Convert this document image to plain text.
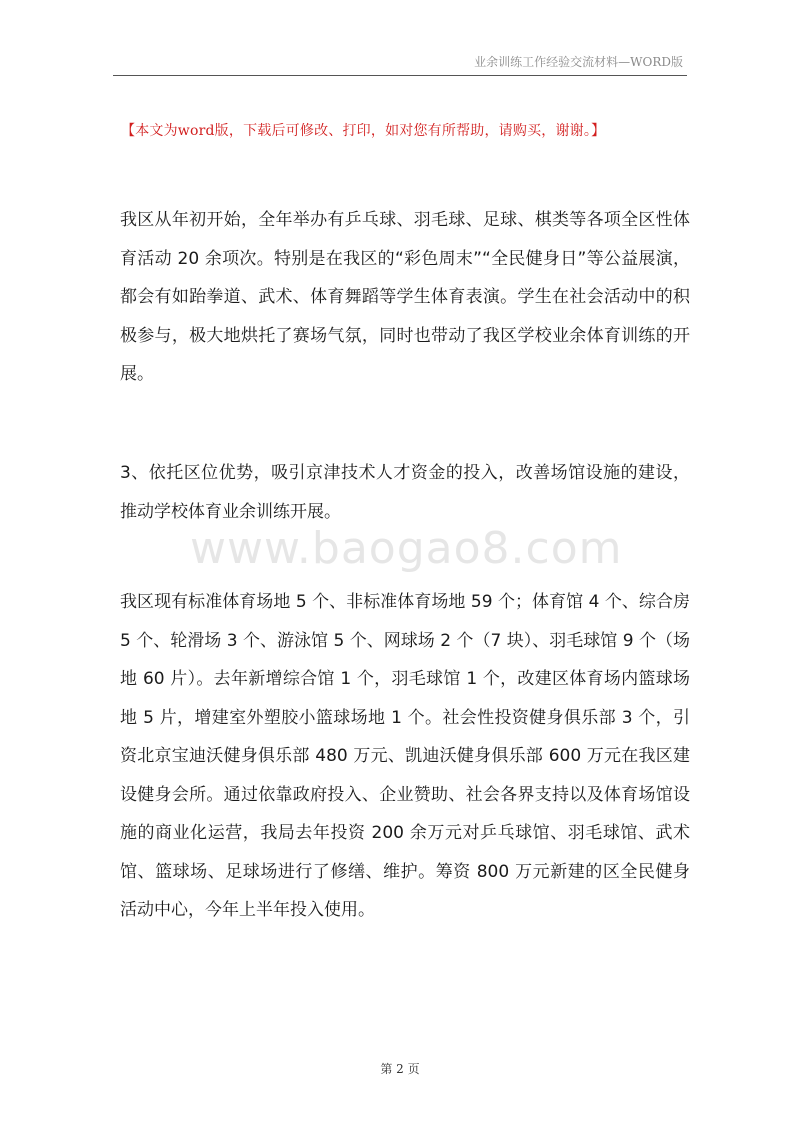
业余训练工作经验交流材料—WORD版
【本文为word版，下载后可修改、打印，如对您有所帮助，请购买，谢谢。】

我区从年初开始，全年举办有乒乓球、羽毛球、足球、棋类等各项全区性体育活动 20 余项次。特别是在我区的“彩色周末”“全民健身日”等公益展演，都会有如跆拳道、武术、体育舞蹈等学生体育表演。学生在社会活动中的积极参与，极大地烘托了赛场气氛，同时也带动了我区学校业余体育训练的开展。

3、依托区位优势，吸引京津技术人才资金的投入，改善场馆设施的建设，推动学校体育业余训练开展。

www.baogao8.com

我区现有标准体育场地 5 个、非标准体育场地 59 个；体育馆 4 个、综合房 5 个、轮滑场 3 个、游泳馆 5 个、网球场 2 个（7 块）、羽毛球馆 9 个（场地 60 片）。去年新增综合馆 1 个，羽毛球馆 1 个，改建区体育场内篮球场地 5 片，增建室外塑胶小篮球场地 1 个。社会性投资健身俱乐部 3 个，引资北京宝迪沃健身俱乐部 480 万元、凯迪沃健身俱乐部 600 万元在我区建设健身会所。通过依靠政府投入、企业赞助、社会各界支持以及体育场馆设施的商业化运营，我局去年投资 200 余万元对乒乓球馆、羽毛球馆、武术馆、篮球场、足球场进行了修缮、维护。筹资 800 万元新建的区全民健身活动中心，今年上半年投入使用。

第 2 页
